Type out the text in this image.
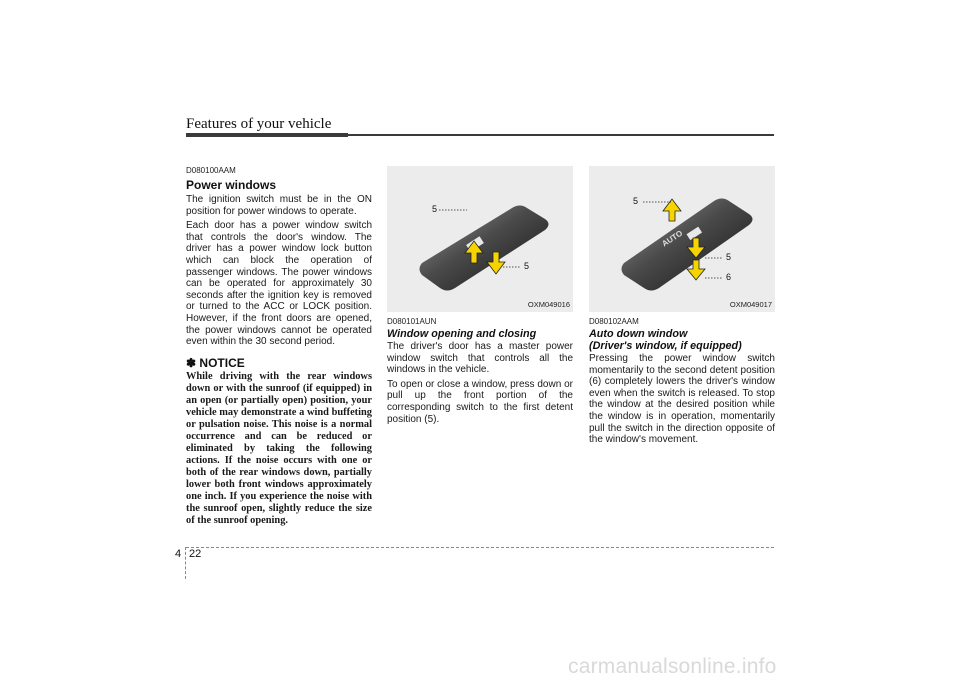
Features of your vehicle
D080100AAM
Power windows

The ignition switch must be in the ON position for power windows to operate.

Each door has a power window switch that controls the door's window. The driver has a power window lock button which can block the operation of passenger windows. The power windows can be operated for approximately 30 seconds after the ignition key is removed or turned to the ACC or LOCK position. However, if the front doors are opened, the power windows cannot be operated even within the 30 second period.

✽ NOTICE
While driving with the rear windows down or with the sunroof (if equipped) in an open (or partially open) position, your vehicle may demonstrate a wind buffeting or pulsation noise. This noise is a normal occurrence and can be reduced or eliminated by taking the following actions. If the noise occurs with one or both of the rear windows down, partially lower both front windows approximately one inch. If you experience the noise with the sunroof open, slightly reduce the size of the sunroof opening.
5
5
OXM049016
D080101AUN
Window opening and closing

The driver's door has a master power window switch that controls all the windows in the vehicle.

To open or close a window, press down or pull up the front portion of the corresponding switch to the first detent position (5).

AUTO
5
5
6
OXM049017
D080102AAM
Auto down window
(Driver's window, if equipped)

Pressing the power window switch momentarily to the second detent position (6) completely lowers the driver's window even when the switch is released. To stop the window at the desired position while the window is in operation, momentarily pull the switch in the direction opposite of the window's movement.

4 22
carmanualsonline.info
